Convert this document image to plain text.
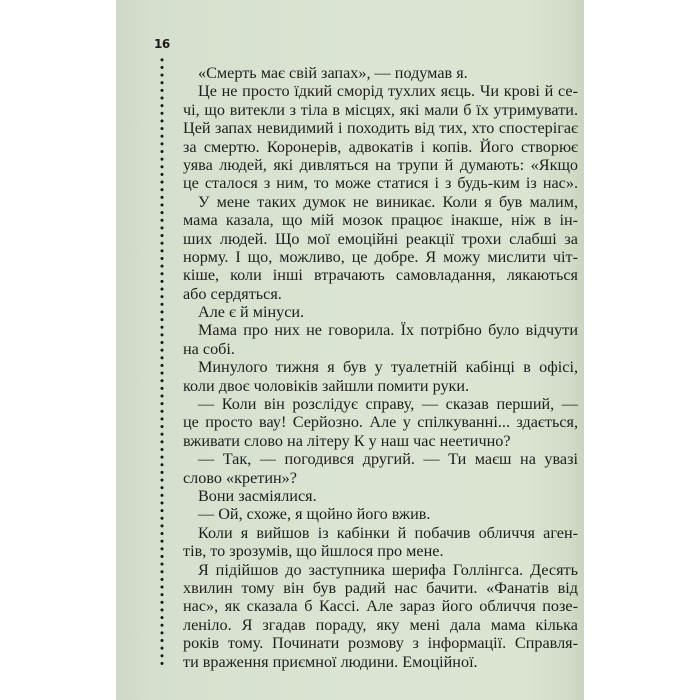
16
«Смерть має свій запах», — подумав я.
Це не просто їдкий сморід тухлих яєць. Чи крові й се-
чі, що витекли з тіла в місцях, які мали б їх утримувати.
Цей запах невидимий і походить від тих, хто спостерігає
за смертю. Коронерів, адвокатів і копів. Його створює
уява людей, які дивляться на трупи й думають: «Якщо
це сталося з ним, то може статися і з будь-ким із нас».
У мене таких думок не виникає. Коли я був малим,
мама казала, що мій мозок працює інакше, ніж в ін-
ших людей. Що мої емоційні реакції трохи слабші за
норму. І що, можливо, це добре. Я можу мислити чіт-
кіше, коли інші втрачають самовладання, лякаються
або сердяться.
Але є й мінуси.
Мама про них не говорила. Їх потрібно було відчути
на собі.
Минулого тижня я був у туалетній кабінці в офісі,
коли двоє чоловіків зайшли помити руки.
— Коли він розслідує справу, — сказав перший, —
це просто вау! Серйозно. Але у спілкуванні... здається,
вживати слово на літеру К у наш час неетично?
— Так, — погодився другий. — Ти маєш на увазі
слово «кретин»?
Вони засміялися.
— Ой, схоже, я щойно його вжив.
Коли я вийшов із кабінки й побачив обличчя аген-
тів, то зрозумів, що йшлося про мене.
Я підійшов до заступника шерифа Голлінгса. Десять
хвилин тому він був радий нас бачити. «Фанатів від
нас», як сказала б Кассі. Але зараз його обличчя позе-
леніло. Я згадав пораду, яку мені дала мама кілька
років тому. Починати розмову з інформації. Справля-
ти враження приємної людини. Емоційної.
